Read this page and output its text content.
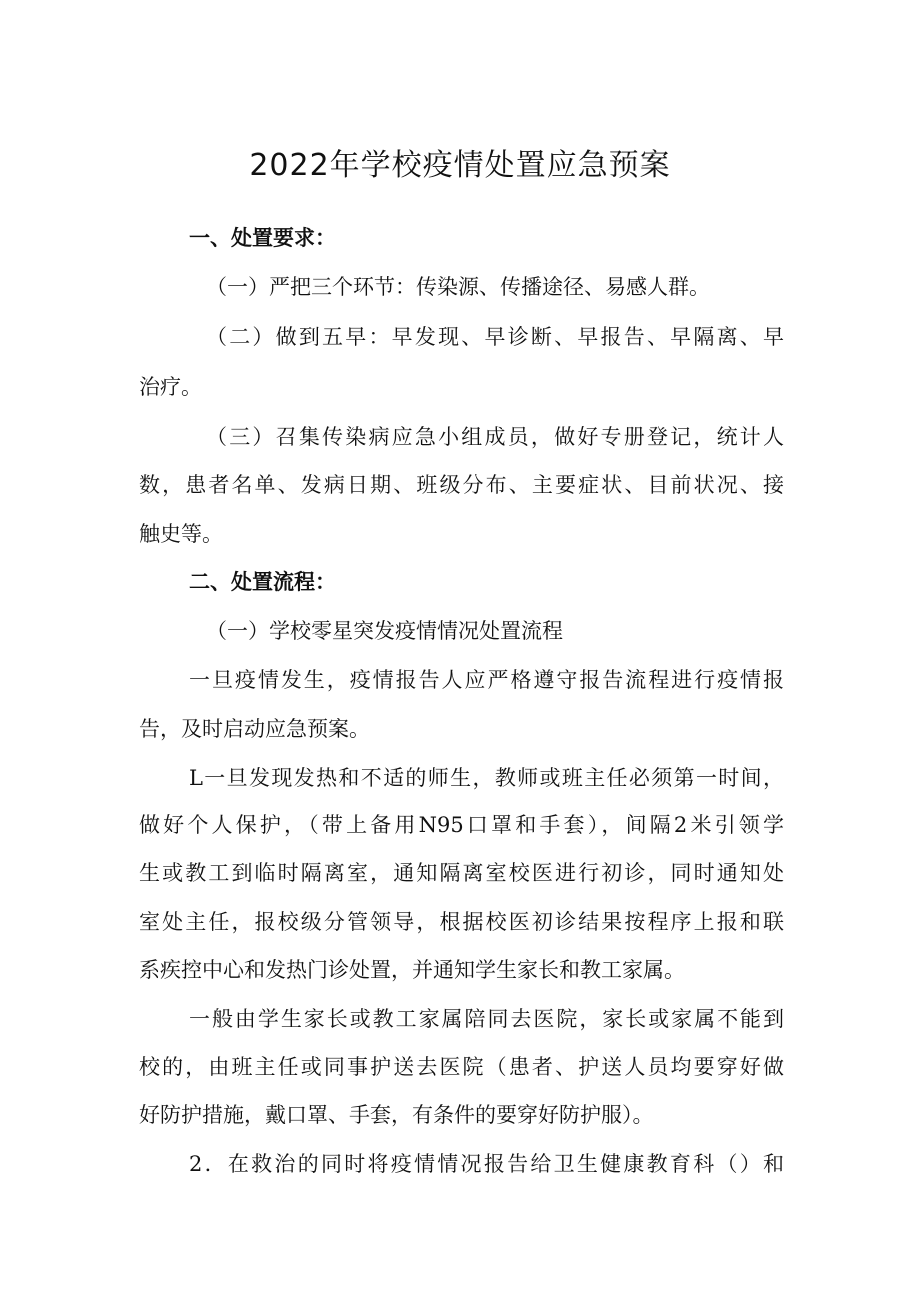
2022年学校疫情处置应急预案
一、处置要求：
（一）严把三个环节：传染源、传播途径、易感人群。
（二）做到五早：早发现、早诊断、早报告、早隔离、早
治疗。
（三）召集传染病应急小组成员，做好专册登记，统计人
数，患者名单、发病日期、班级分布、主要症状、目前状况、接
触史等。
二、处置流程：
（一）学校零星突发疫情情况处置流程
一旦疫情发生，疫情报告人应严格遵守报告流程进行疫情报
告，及时启动应急预案。
L一旦发现发热和不适的师生，教师或班主任必须第一时间，
做好个人保护，（带上备用N95口罩和手套），间隔2米引领学
生或教工到临时隔离室，通知隔离室校医进行初诊，同时通知处
室处主任，报校级分管领导，根据校医初诊结果按程序上报和联
系疾控中心和发热门诊处置，并通知学生家长和教工家属。
一般由学生家长或教工家属陪同去医院，家长或家属不能到
校的，由班主任或同事护送去医院（患者、护送人员均要穿好做
好防护措施，戴口罩、手套，有条件的要穿好防护服）。
2．在救治的同时将疫情情况报告给卫生健康教育科（）和
